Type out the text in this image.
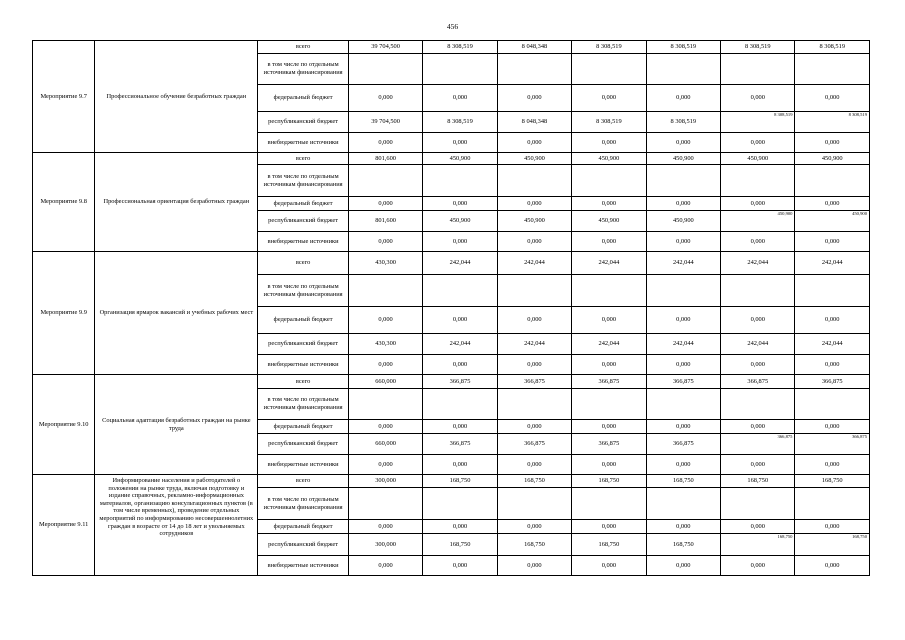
456
Мероприятие 9.7	Профессиональное обучение безработных граждан	всего	39 704,500	8 308,519	8 048,348	8 308,519	8 308,519	8 308,519	8 308,519
		в том числе по отдельным источникам финансирования							
		федеральный бюджет	0,000	0,000	0,000	0,000	0,000	0,000	0,000
		республиканский бюджет	39 704,500	8 308,519	8 048,348	8 308,519	8 308,519	8 308,519	8 308,519
		внебюджетные источники	0,000	0,000	0,000	0,000	0,000	0,000	0,000
Мероприятие 9.8	Профессиональная ориентация безработных граждан	всего	801,600	450,900	450,900	450,900	450,900	450,900	450,900
		в том числе по отдельным источникам финансирования							
		федеральный бюджет	0,000	0,000	0,000	0,000	0,000	0,000	0,000
		республиканский бюджет	801,600	450,900	450,900	450,900	450,900	450,900	450,900
		внебюджетные источники	0,000	0,000	0,000	0,000	0,000	0,000	0,000
Мероприятие 9.9	Организация ярмарок вакансий и учебных рабочих мест	всего	430,300	242,044	242,044	242,044	242,044	242,044	242,044
		в том числе по отдельным источникам финансирования							
		федеральный бюджет	0,000	0,000	0,000	0,000	0,000	0,000	0,000
		республиканский бюджет	430,300	242,044	242,044	242,044	242,044	242,044	242,044
		внебюджетные источники	0,000	0,000	0,000	0,000	0,000	0,000	0,000
Мероприятие 9.10	Социальная адаптация безработных граждан на рынке труда	всего	660,000	366,875	366,875	366,875	366,875	366,875	366,875
		в том числе по отдельным источникам финансирования							
		федеральный бюджет	0,000	0,000	0,000	0,000	0,000	0,000	0,000
		республиканский бюджет	660,000	366,875	366,875	366,875	366,875	366,875	366,875
		внебюджетные источники	0,000	0,000	0,000	0,000	0,000	0,000	0,000
Мероприятие 9.11	Информирование населения и работодателей о положении на рынке труда, включая подготовку и издание справочных, рекламно-информационных материалов, организацию консультационных пунктов (в том числе временных), проведение отдельных мероприятий по информированию несовершеннолетних граждан в возрасте от 14 до 18 лет и увольняемых сотрудников	всего	300,000	168,750	168,750	168,750	168,750	168,750	168,750
		в том числе по отдельным источникам финансирования							
		федеральный бюджет	0,000	0,000	0,000	0,000	0,000	0,000	0,000
		республиканский бюджет	300,000	168,750	168,750	168,750	168,750	168,750	168,750
		внебюджетные источники	0,000	0,000	0,000	0,000	0,000	0,000	0,000
